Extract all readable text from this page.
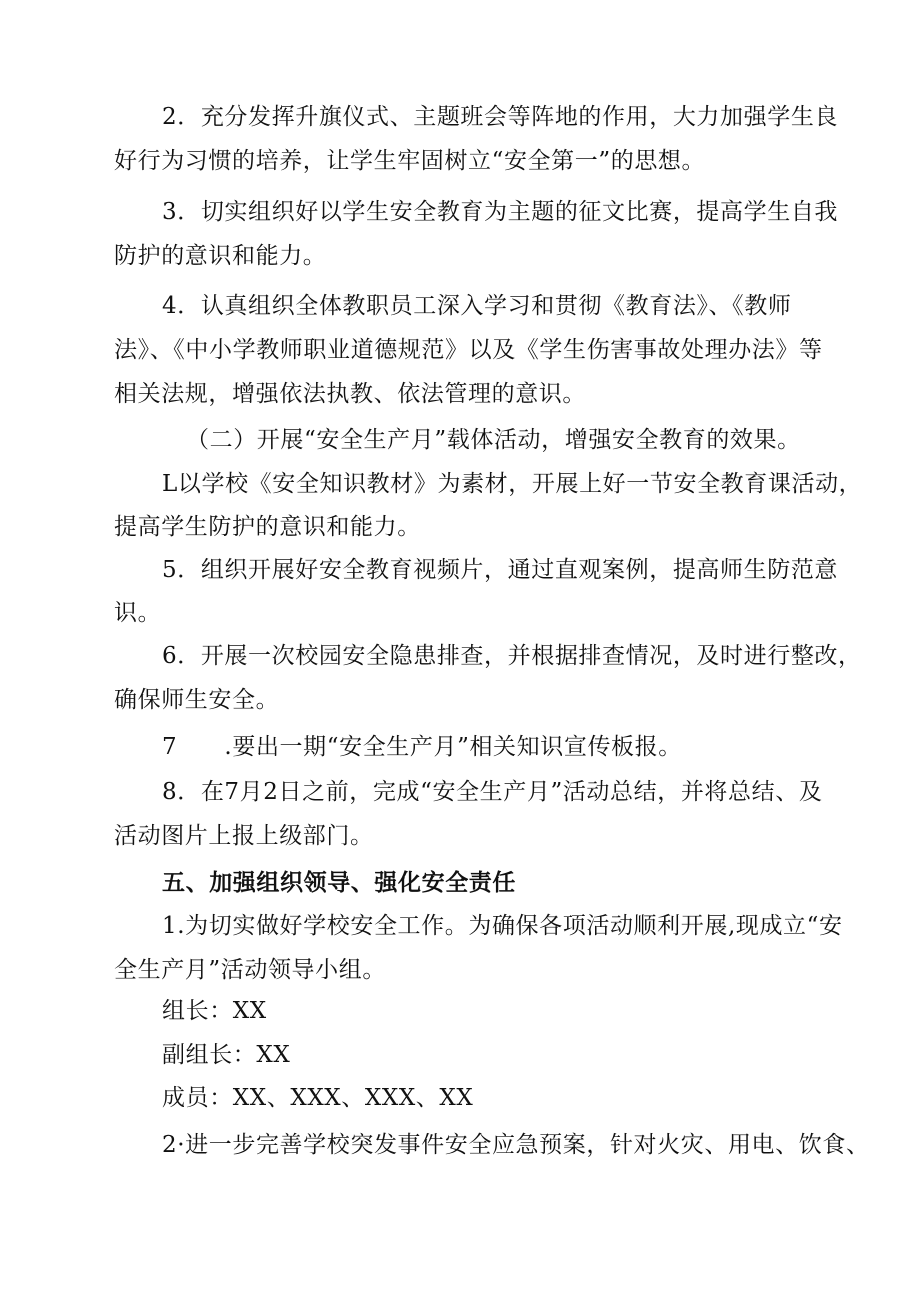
2．充分发挥升旗仪式、主题班会等阵地的作用，大力加强学生良
好行为习惯的培养，让学生牢固树立“安全第一”的思想。
3．切实组织好以学生安全教育为主题的征文比赛，提高学生自我
防护的意识和能力。
4．认真组织全体教职员工深入学习和贯彻《教育法》、《教师
法》、《中小学教师职业道德规范》以及《学生伤害事故处理办法》等
相关法规，增强依法执教、依法管理的意识。
（二）开展“安全生产月”载体活动，增强安全教育的效果。
L以学校《安全知识教材》为素材，开展上好一节安全教育课活动，
提高学生防护的意识和能力。
5．组织开展好安全教育视频片，通过直观案例，提高师生防范意
识。
6．开展一次校园安全隐患排查，并根据排查情况，及时进行整改，
确保师生安全。
7　　.要出一期“安全生产月”相关知识宣传板报。
8．在7月2日之前，完成“安全生产月”活动总结，并将总结、及
活动图片上报上级部门。
五、加强组织领导、强化安全责任
1.为切实做好学校安全工作。为确保各项活动顺利开展,现成立“安
全生产月”活动领导小组。
组长：XX
副组长：XX
成员：XX、XXX、XXX、XX
2·进一步完善学校突发事件安全应急预案，针对火灾、用电、饮食、
